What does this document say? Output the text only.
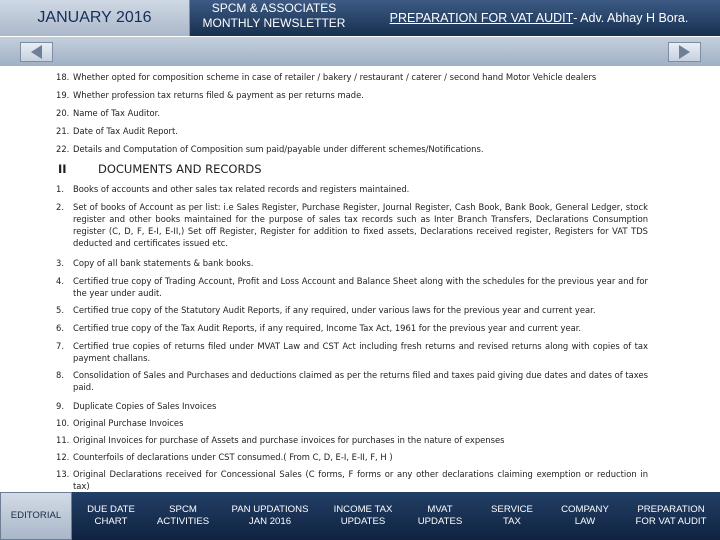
JANUARY 2016
SPCM & ASSOCIATES MONTHLY NEWSLETTER	PREPARATION FOR VAT AUDIT - Adv. Abhay H Bora.
18. Whether opted for composition scheme in case of retailer / bakery / restaurant / caterer / second hand Motor Vehicle dealers
19. Whether profession tax returns filed & payment as per returns made.
20. Name of Tax Auditor.
21. Date of Tax Audit Report.
22. Details and Computation of Composition sum paid/payable under different schemes/Notifications.
II	DOCUMENTS AND RECORDS
1.	Books of accounts and other sales tax related records and registers maintained.
2.	Set of books of Account as per list: i.e Sales Register, Purchase Register, Journal Register, Cash Book, Bank Book, General Ledger, stock register and other books maintained for the purpose of sales tax records such as Inter Branch Transfers, Declarations Consumption register (C, D, F, E-I, E-II,) Set off Register, Register for addition to fixed assets, Declarations received register, Registers for VAT TDS deducted and certificates issued etc.
3.	Copy of all bank statements & bank books.
4.	Certified true copy of Trading Account, Profit and Loss Account and Balance Sheet along with the schedules for the previous year and for the year under audit.
5.	Certified true copy of the Statutory Audit Reports, if any required, under various laws for the previous year and current year.
6.	Certified true copy of the Tax Audit Reports, if any required, Income Tax Act, 1961 for the previous year and current year.
7.	Certified true copies of returns filed under MVAT Law and CST Act including fresh returns and revised returns along with copies of tax payment challans.
8.	Consolidation of Sales and Purchases and deductions claimed as per the returns filed and taxes paid giving due dates and dates of taxes paid.
9.	Duplicate Copies of Sales Invoices
10. Original Purchase Invoices
11. Original Invoices for purchase of Assets and purchase invoices for purchases in the nature of expenses
12. Counterfoils of declarations under CST consumed.( From C, D, E-I, E-II, F, H )
13. Original Declarations received for Concessional Sales (C forms, F forms or any other declarations claiming exemption or reduction in tax)
EDITORIAL
DUE DATE
CHART
SPCM
ACTIVITIES
PAN UPDATIONS
JAN 2016
INCOME TAX
UPDATES
MVAT
UPDATES
SERVICE
TAX
COMPANY
LAW
PREPARATION
FOR VAT AUDIT
